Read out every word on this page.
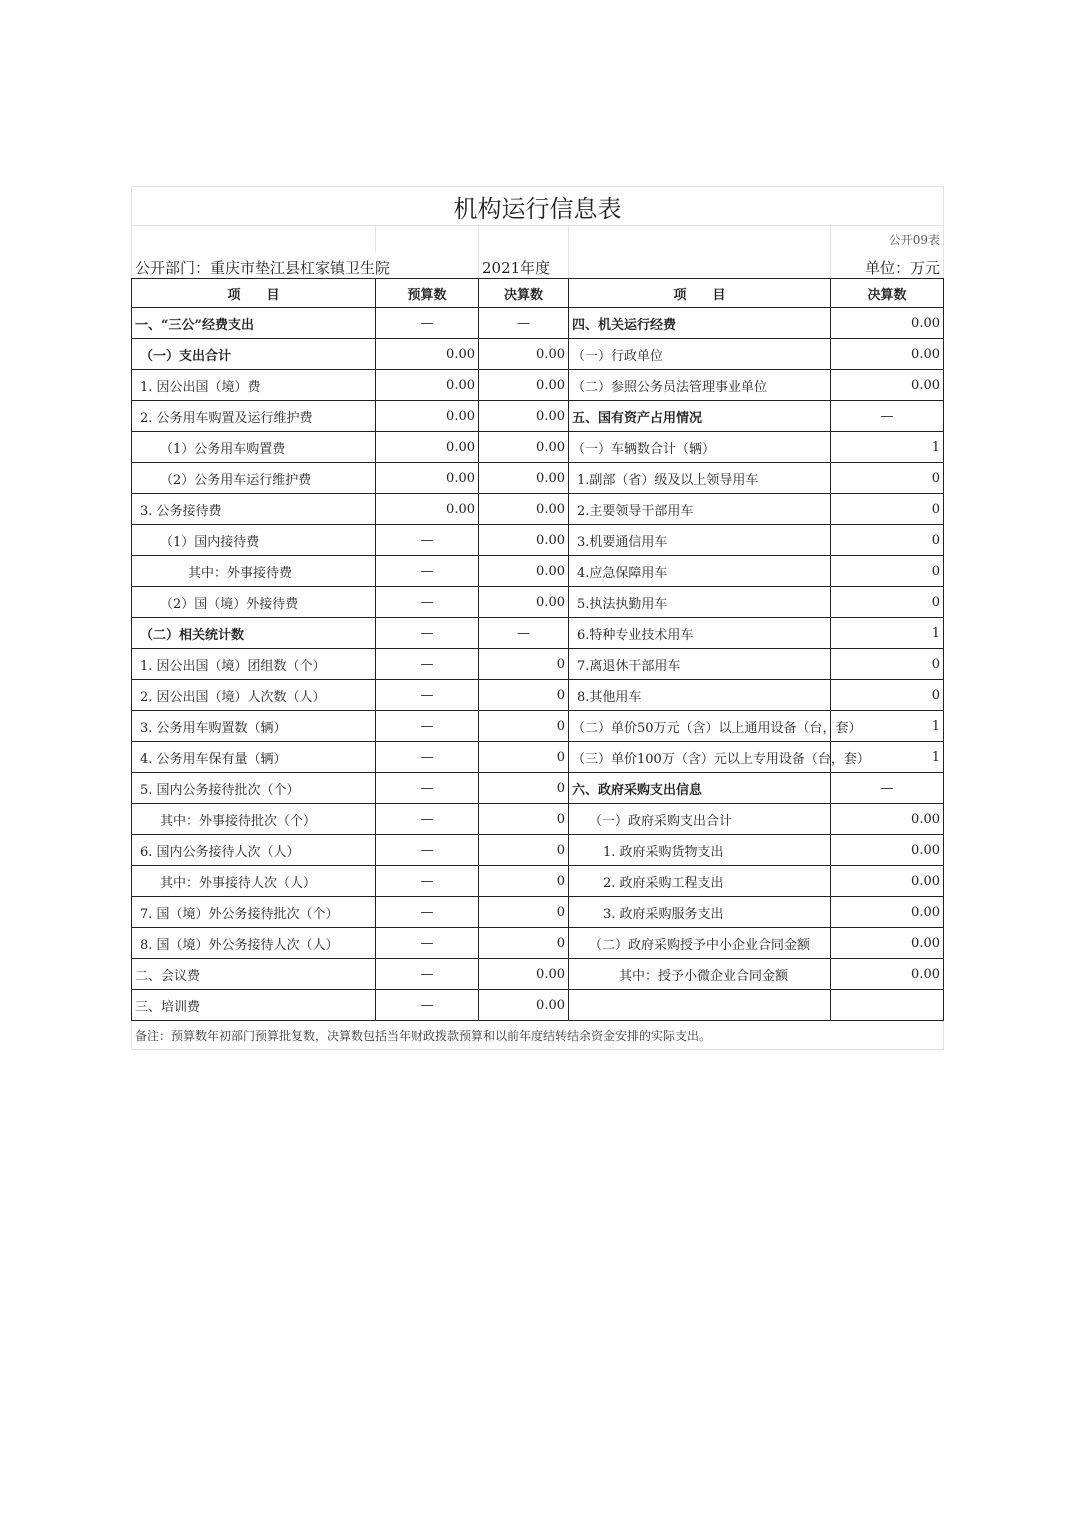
机构运行信息表				
				公开09表
公开部门：重庆市垫江县杠家镇卫生院		2021年度		单位：万元
项　　目	预算数	决算数	项　　目	决算数
一、“三公”经费支出	—	—	四、机关运行经费	0.00
（一）支出合计	0.00	0.00	（一）行政单位	0.00
1. 因公出国（境）费	0.00	0.00	（二）参照公务员法管理事业单位	0.00
2. 公务用车购置及运行维护费	0.00	0.00	五、国有资产占用情况	—
（1）公务用车购置费	0.00	0.00	（一）车辆数合计（辆）	1
（2）公务用车运行维护费	0.00	0.00	1.副部（省）级及以上领导用车	0
3. 公务接待费	0.00	0.00	2.主要领导干部用车	0
（1）国内接待费	—	0.00	3.机要通信用车	0
其中：外事接待费	—	0.00	4.应急保障用车	0
（2）国（境）外接待费	—	0.00	5.执法执勤用车	0
（二）相关统计数	—	—	6.特种专业技术用车	1
1. 因公出国（境）团组数（个）	—	0	7.离退休干部用车	0
2. 因公出国（境）人次数（人）	—	0	8.其他用车	0
3. 公务用车购置数（辆）	—	0	（二）单价50万元（含）以上通用设备（台，套）	1
4. 公务用车保有量（辆）	—	0	（三）单价100万（含）元以上专用设备（台，套）	1
5. 国内公务接待批次（个）	—	0	六、政府采购支出信息	—
其中：外事接待批次（个）	—	0	（一）政府采购支出合计	0.00
6. 国内公务接待人次（人）	—	0	1. 政府采购货物支出	0.00
其中：外事接待人次（人）	—	0	2. 政府采购工程支出	0.00
7. 国（境）外公务接待批次（个）	—	0	3. 政府采购服务支出	0.00
8. 国（境）外公务接待人次（人）	—	0	（二）政府采购授予中小企业合同金额	0.00
二、会议费	—	0.00	其中：授予小微企业合同金额	0.00
三、培训费	—	0.00		
备注：预算数年初部门预算批复数，决算数包括当年财政拨款预算和以前年度结转结余资金安排的实际支出。				
